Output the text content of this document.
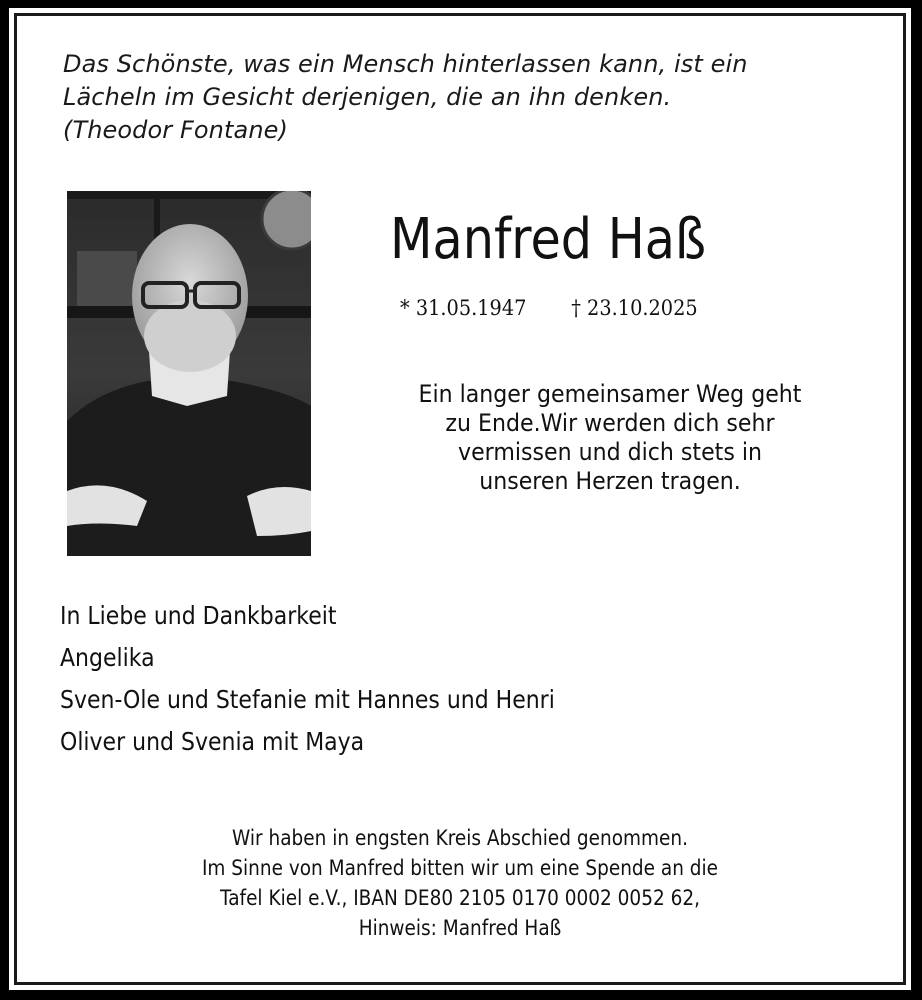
Das Schönste, was ein Mensch hinterlassen kann, ist ein
Lächeln im Gesicht derjenigen, die an ihn denken.
(Theodor Fontane)
Manfred Haß
* 31.05.1947 † 23.10.2025
Ein langer gemeinsamer Weg geht
zu Ende.Wir werden dich sehr
vermissen und dich stets in
unseren Herzen tragen.
In Liebe und Dankbarkeit
Angelika
Sven-Ole und Stefanie mit Hannes und Henri
Oliver und Svenia mit Maya
Wir haben in engsten Kreis Abschied genommen.
Im Sinne von Manfred bitten wir um eine Spende an die
Tafel Kiel e.V., IBAN DE80 2105 0170 0002 0052 62,
Hinweis: Manfred Haß
